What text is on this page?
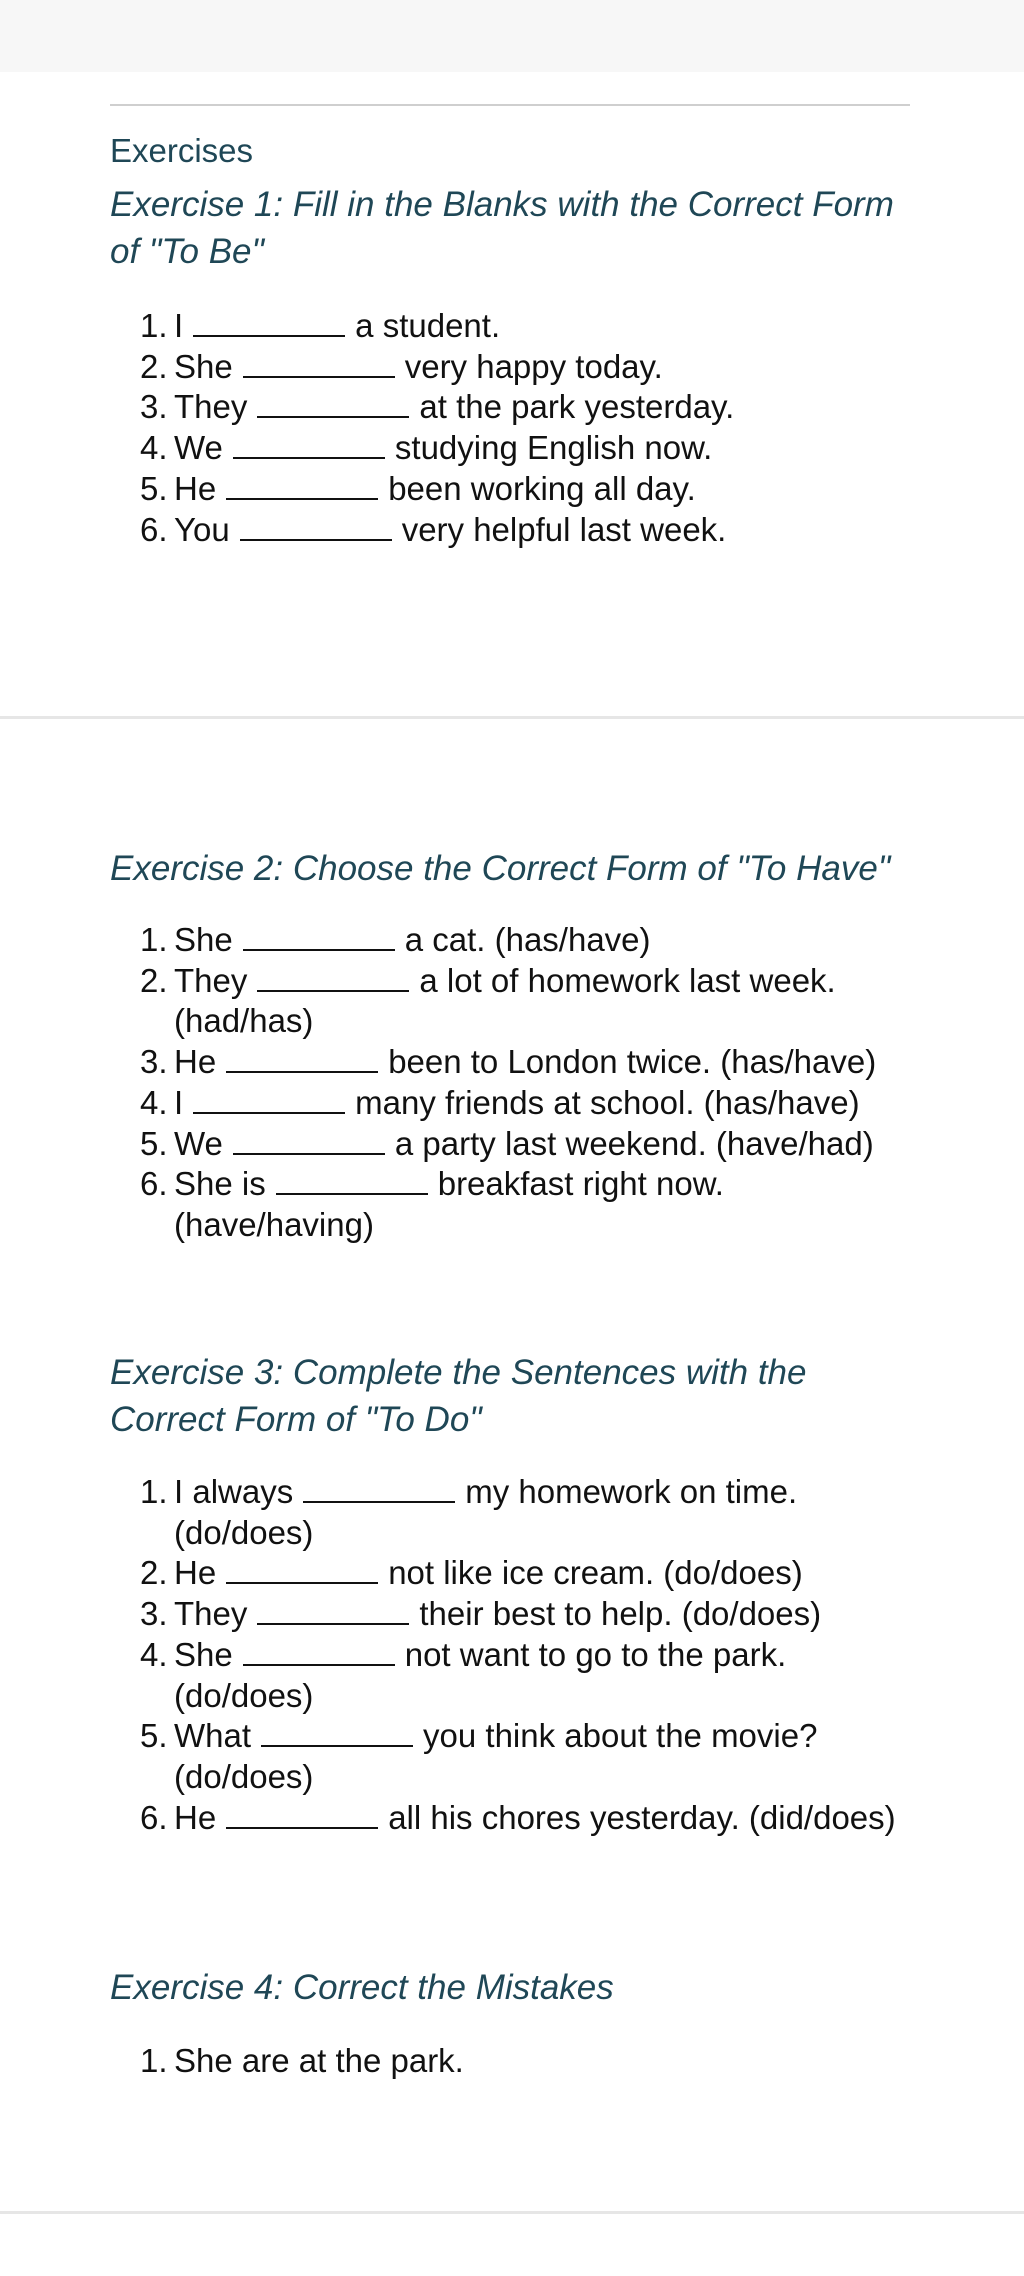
Exercises
Exercise 1: Fill in the Blanks with the Correct Form of "To Be"
1. I	a student.
2. She	very happy today.
3. They	at the park yesterday.
4. We	studying English now.
5. He	been working all day.
6. You	very helpful last week.
Exercise 2: Choose the Correct Form of "To Have"
1. She	a cat. (has/have)
2. They	a lot of homework last week. (had/has)
3. He	been to London twice. (has/have)
4. I	many friends at school. (has/have)
5. We	a party last weekend. (have/had)
6. She is	breakfast right now. (have/having)
Exercise 3: Complete the Sentences with the Correct Form of "To Do"
1. I always	my homework on time. (do/does)
2. He	not like ice cream. (do/does)
3. They	their best to help. (do/does)
4. She	not want to go to the park. (do/does)
5. What	you think about the movie? (do/does)
6. He	all his chores yesterday. (did/does)
Exercise 4: Correct the Mistakes
1. She are at the park.
